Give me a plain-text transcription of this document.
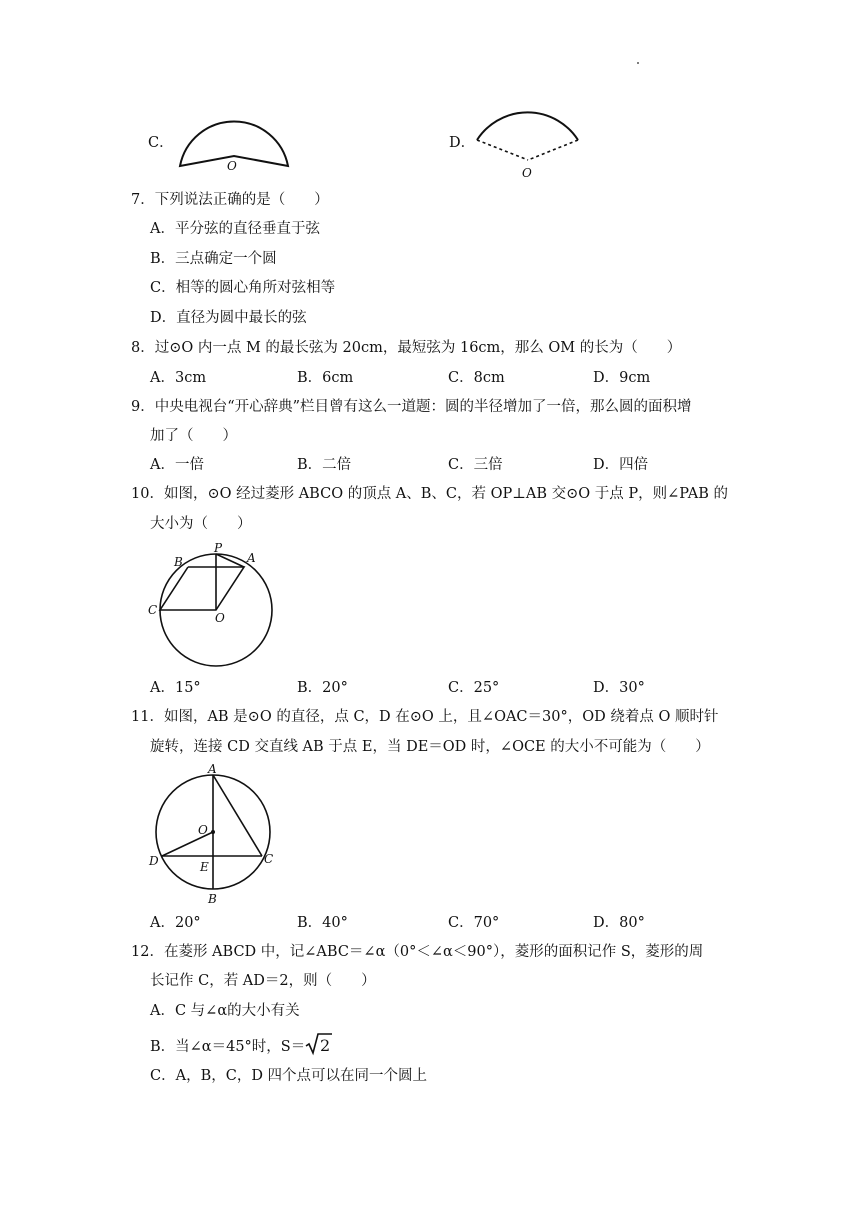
C．
O
D．
O
7．下列说法正确的是（　　）
A．平分弦的直径垂直于弦
B．三点确定一个圆
C．相等的圆心角所对弦相等
D．直径为圆中最长的弦
8．过⊙O 内一点 M 的最长弦为 20cm，最短弦为 16cm，那么 OM 的长为（　　）
A．3cm	B．6cm	C．8cm	D．9cm
9．中央电视台“开心辞典”栏目曾有这么一道题：圆的半径增加了一倍，那么圆的面积增
加了（　　）
A．一倍	B．二倍	C．三倍	D．四倍
10．如图，⊙O 经过菱形 ABCO 的顶点 A、B、C，若 OP⊥AB 交⊙O 于点 P，则∠PAB 的
大小为（　　）
B
P
A
C
O
A．15°	B．20°	C．25°	D．30°
11．如图，AB 是⊙O 的直径，点 C，D 在⊙O 上，且∠OAC＝30°，OD 绕着点 O 顺时针
旋转，连接 CD 交直线 AB 于点 E，当 DE＝OD 时，∠OCE 的大小不可能为（　　）
A
O
D	E
C
B
A．20°	B．40°	C．70°	D．80°
12．在菱形 ABCD 中，记∠ABC＝∠α（0°＜∠α＜90°），菱形的面积记作 S，菱形的周
长记作 C，若 AD＝2，则（　　）
A．C 与∠α的大小有关
B．当∠α＝45°时，S＝ 2
C．A，B，C，D 四个点可以在同一个圆上
